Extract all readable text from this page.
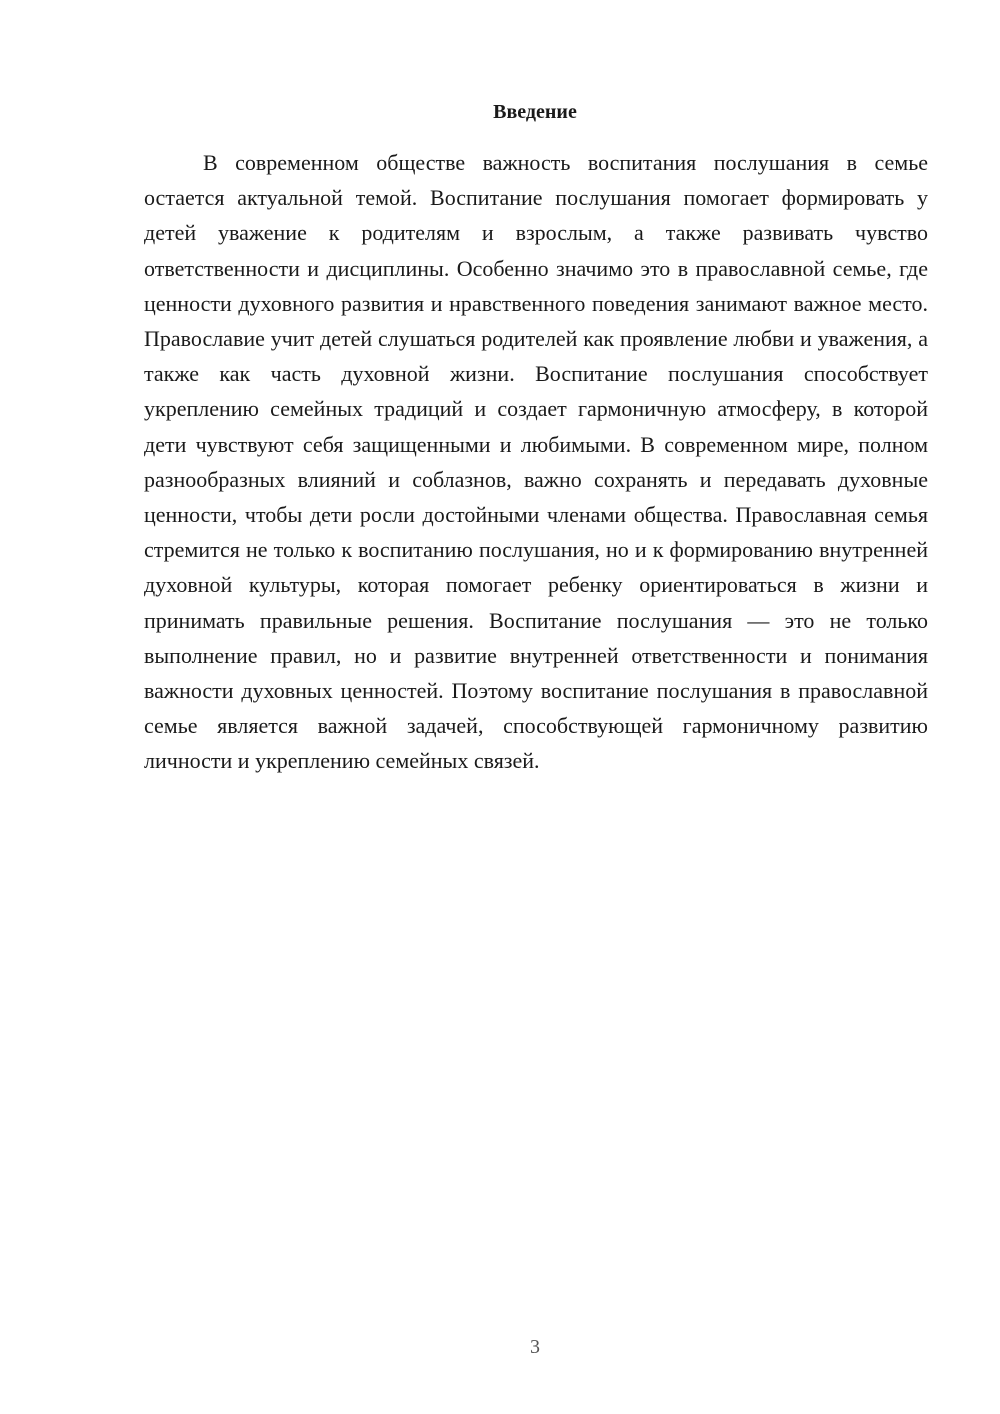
Введение

В современном обществе важность воспитания послушания в семье остается актуальной темой. Воспитание послушания помогает формировать у детей уважение к родителям и взрослым, а также развивать чувство ответственности и дисциплины. Особенно значимо это в православной семье, где ценности духовного развития и нравственного поведения занимают важное место. Православие учит детей слушаться родителей как проявление любви и уважения, а также как часть духовной жизни. Воспитание послушания способствует укреплению семейных традиций и создает гармоничную атмосферу, в которой дети чувствуют себя защищенными и любимыми. В современном мире, полном разнообразных влияний и соблазнов, важно сохранять и передавать духовные ценности, чтобы дети росли достойными членами общества. Православная семья стремится не только к воспитанию послушания, но и к формированию внутренней духовной культуры, которая помогает ребенку ориентироваться в жизни и принимать правильные решения. Воспитание послушания — это не только выполнение правил, но и развитие внутренней ответственности и понимания важности духовных ценностей. Поэтому воспитание послушания в православной семье является важной задачей, способствующей гармоничному развитию личности и укреплению семейных связей.

3
